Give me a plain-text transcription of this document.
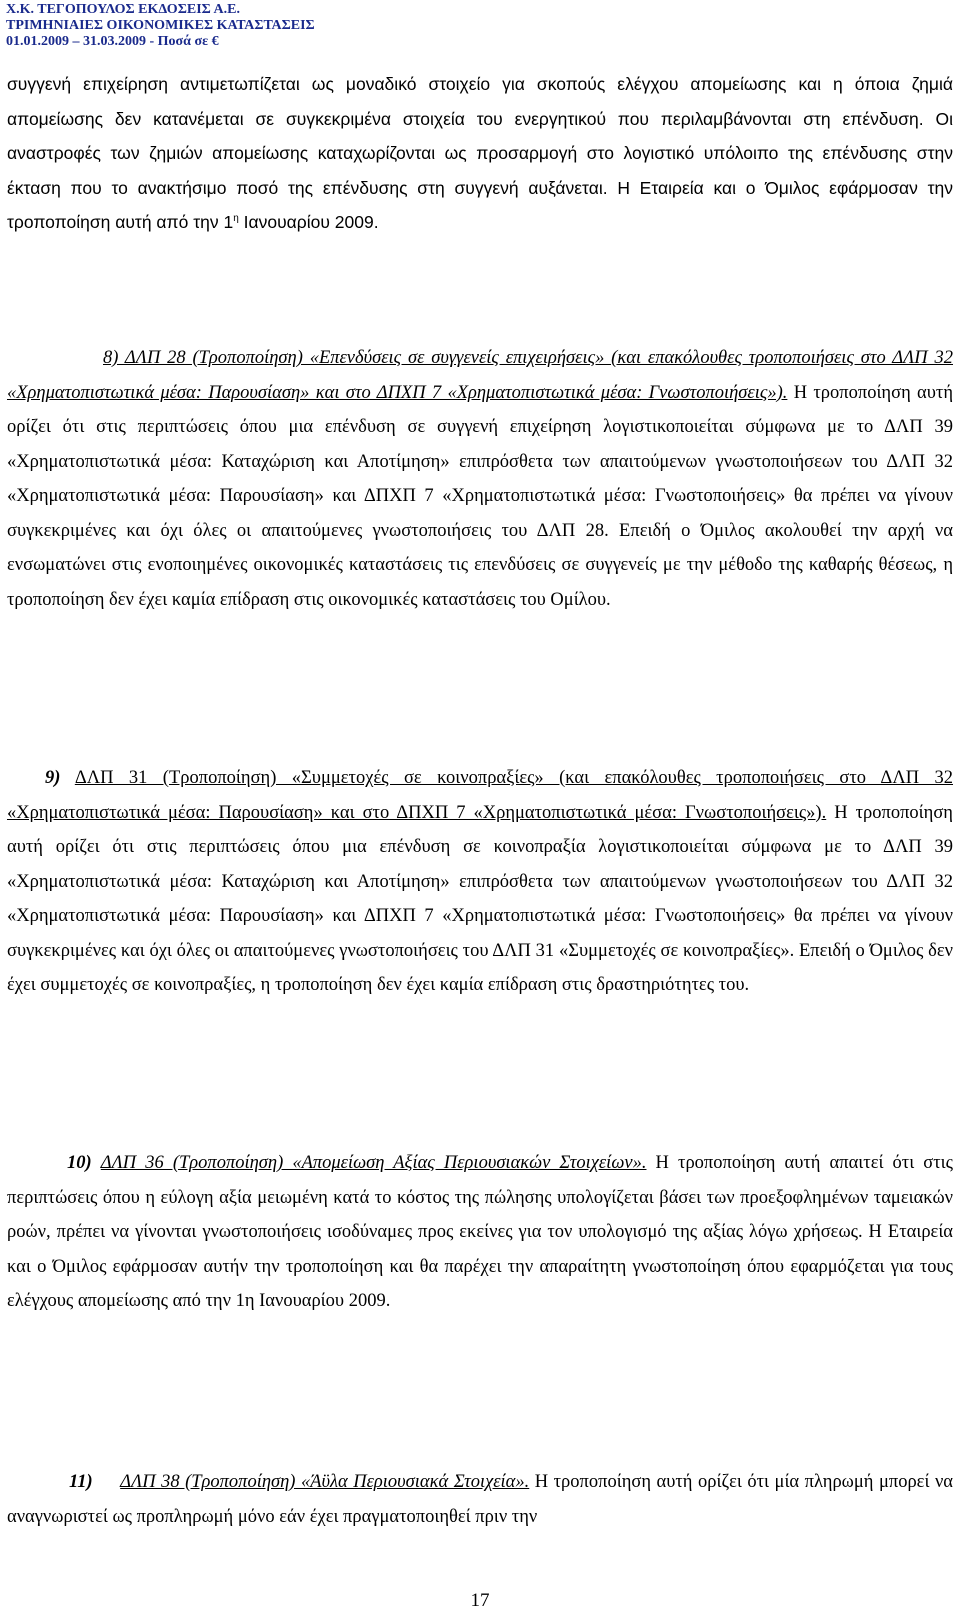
Χ.Κ. ΤΕΓΟΠΟΥΛΟΣ ΕΚΔΟΣΕΙΣ Α.Ε.
ΤΡΙΜΗΝΙΑΙΕΣ ΟΙΚΟΝΟΜΙΚΕΣ ΚΑΤΑΣΤΑΣΕΙΣ
01.01.2009 – 31.03.2009 - Ποσά σε €
συγγενή επιχείρηση αντιμετωπίζεται ως μοναδικό στοιχείο για σκοπούς ελέγχου απομείωσης και η όποια ζημιά απομείωσης δεν κατανέμεται σε συγκεκριμένα στοιχεία του ενεργητικού που περιλαμβάνονται στη επένδυση. Οι αναστροφές των ζημιών απομείωσης καταχωρίζονται ως προσαρμογή στο λογιστικό υπόλοιπο της επένδυσης στην έκταση που το ανακτήσιμο ποσό της επένδυσης στη συγγενή αυξάνεται. Η Εταιρεία και ο Όμιλος εφάρμοσαν την τροποποίηση αυτή από την $1^\eta$ Ιανουαρίου 2009.
8) ΔΛΠ 28 (Τροποποίηση) «Επενδύσεις σε συγγενείς επιχειρήσεις» (και επακόλουθες τροποποιήσεις στο ΔΛΠ 32 «Χρηματοπιστωτικά μέσα: Παρουσίαση» και στο ΔΠΧΠ 7 «Χρηματοπιστωτικά μέσα: Γνωστοποιήσεις»). Η τροποποίηση αυτή ορίζει ότι στις περιπτώσεις όπου μια επένδυση σε συγγενή επιχείρηση λογιστικοποιείται σύμφωνα με το ΔΛΠ 39 «Χρηματοπιστωτικά μέσα: Καταχώριση και Αποτίμηση» επιπρόσθετα των απαιτούμενων γνωστοποιήσεων του ΔΛΠ 32 «Χρηματοπιστωτικά μέσα: Παρουσίαση» και ΔΠΧΠ 7 «Χρηματοπιστωτικά μέσα: Γνωστοποιήσεις» θα πρέπει να γίνουν συγκεκριμένες και όχι όλες οι απαιτούμενες γνωστοποιήσεις του ΔΛΠ 28. Επειδή ο Όμιλος ακολουθεί την αρχή να ενσωματώνει στις ενοποιημένες οικονομικές καταστάσεις τις επενδύσεις σε συγγενείς με την μέθοδο της καθαρής θέσεως, η τροποποίηση δεν έχει καμία επίδραση στις οικονομικές καταστάσεις του Ομίλου.
9) ΔΛΠ 31 (Τροποποίηση) «Συμμετοχές σε κοινοπραξίες» (και επακόλουθες τροποποιήσεις στο ΔΛΠ 32 «Χρηματοπιστωτικά μέσα: Παρουσίαση» και στο ΔΠΧΠ 7 «Χρηματοπιστωτικά μέσα: Γνωστοποιήσεις»). Η τροποποίηση αυτή ορίζει ότι στις περιπτώσεις όπου μια επένδυση σε κοινοπραξία λογιστικοποιείται σύμφωνα με το ΔΛΠ 39 «Χρηματοπιστωτικά μέσα: Καταχώριση και Αποτίμηση» επιπρόσθετα των απαιτούμενων γνωστοποιήσεων του ΔΛΠ 32 «Χρηματοπιστωτικά μέσα: Παρουσίαση» και ΔΠΧΠ 7 «Χρηματοπιστωτικά μέσα: Γνωστοποιήσεις» θα πρέπει να γίνουν συγκεκριμένες και όχι όλες οι απαιτούμενες γνωστοποιήσεις του ΔΛΠ 31 «Συμμετοχές σε κοινοπραξίες». Επειδή ο Όμιλος δεν έχει συμμετοχές σε κοινοπραξίες, η τροποποίηση δεν έχει καμία επίδραση στις δραστηριότητες του.
10) ΔΛΠ 36 (Τροποποίηση) «Απομείωση Αξίας Περιουσιακών Στοιχείων». Η τροποποίηση αυτή απαιτεί ότι στις περιπτώσεις όπου η εύλογη αξία μειωμένη κατά το κόστος της πώλησης υπολογίζεται βάσει των προεξοφλημένων ταμειακών ροών, πρέπει να γίνονται γνωστοποιήσεις ισοδύναμες προς εκείνες για τον υπολογισμό της αξίας λόγω χρήσεως. Η Εταιρεία και ο Όμιλος εφάρμοσαν αυτήν την τροποποίηση και θα παρέχει την απαραίτητη γνωστοποίηση όπου εφαρμόζεται για τους ελέγχους απομείωσης από την 1η Ιανουαρίου 2009.
11) ΔΛΠ 38 (Τροποποίηση) «Άϋλα Περιουσιακά Στοιχεία». Η τροποποίηση αυτή ορίζει ότι μία πληρωμή μπορεί να αναγνωριστεί ως προπληρωμή μόνο εάν έχει πραγματοποιηθεί πριν την
17
